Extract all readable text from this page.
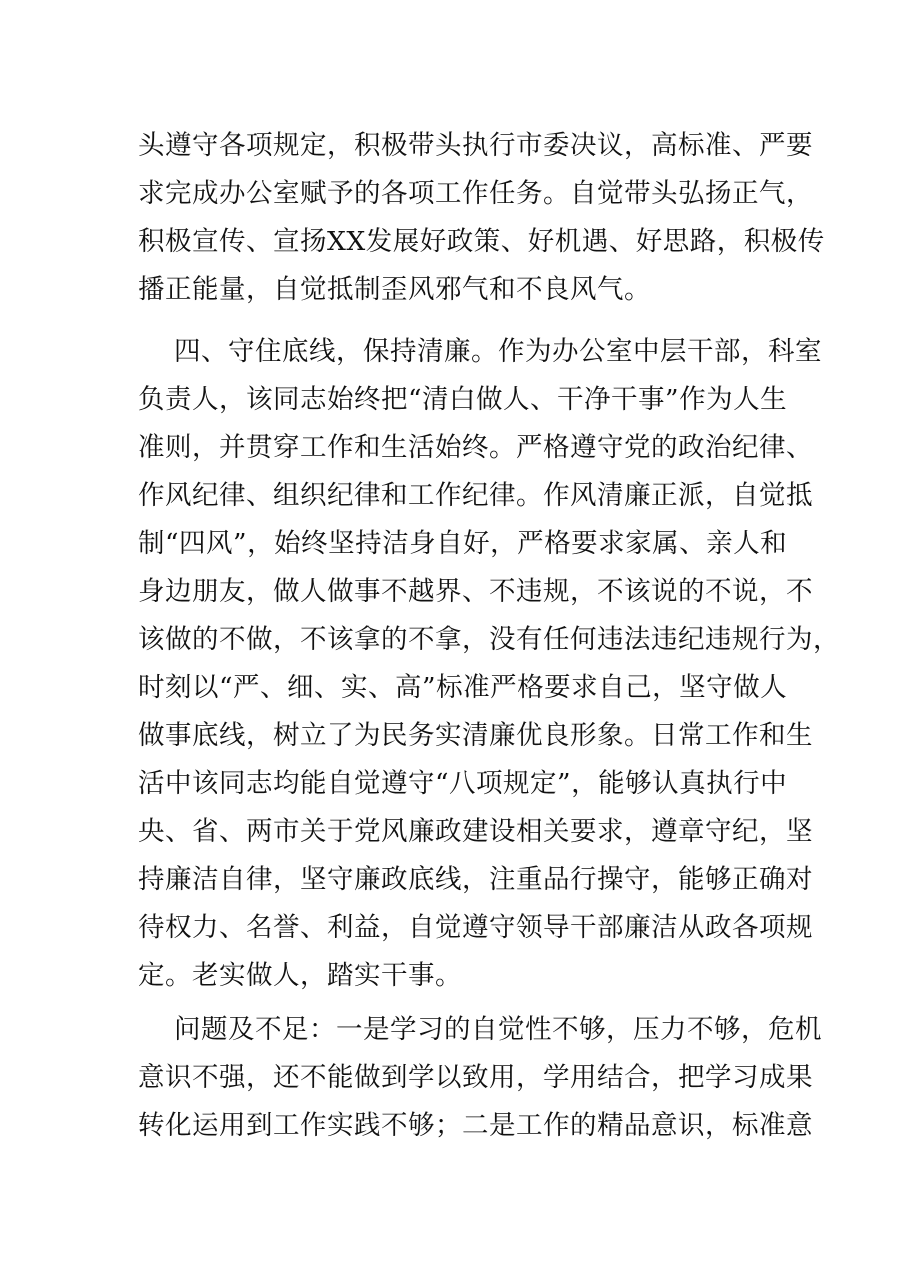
头遵守各项规定，积极带头执行市委决议，高标准、严要
求完成办公室赋予的各项工作任务。自觉带头弘扬正气，
积极宣传、宣扬XX发展好政策、好机遇、好思路，积极传
播正能量，自觉抵制歪风邪气和不良风气。
四、守住底线，保持清廉。作为办公室中层干部，科室
负责人，该同志始终把“清白做人、干净干事”作为人生
准则，并贯穿工作和生活始终。严格遵守党的政治纪律、
作风纪律、组织纪律和工作纪律。作风清廉正派，自觉抵
制“四风”，始终坚持洁身自好，严格要求家属、亲人和
身边朋友，做人做事不越界、不违规，不该说的不说，不
该做的不做，不该拿的不拿，没有任何违法违纪违规行为，
时刻以“严、细、实、高”标准严格要求自己，坚守做人
做事底线，树立了为民务实清廉优良形象。日常工作和生
活中该同志均能自觉遵守“八项规定”，能够认真执行中
央、省、两市关于党风廉政建设相关要求，遵章守纪，坚
持廉洁自律，坚守廉政底线，注重品行操守，能够正确对
待权力、名誉、利益，自觉遵守领导干部廉洁从政各项规
定。老实做人，踏实干事。
问题及不足：一是学习的自觉性不够，压力不够，危机
意识不强，还不能做到学以致用，学用结合，把学习成果
转化运用到工作实践不够；二是工作的精品意识，标准意
